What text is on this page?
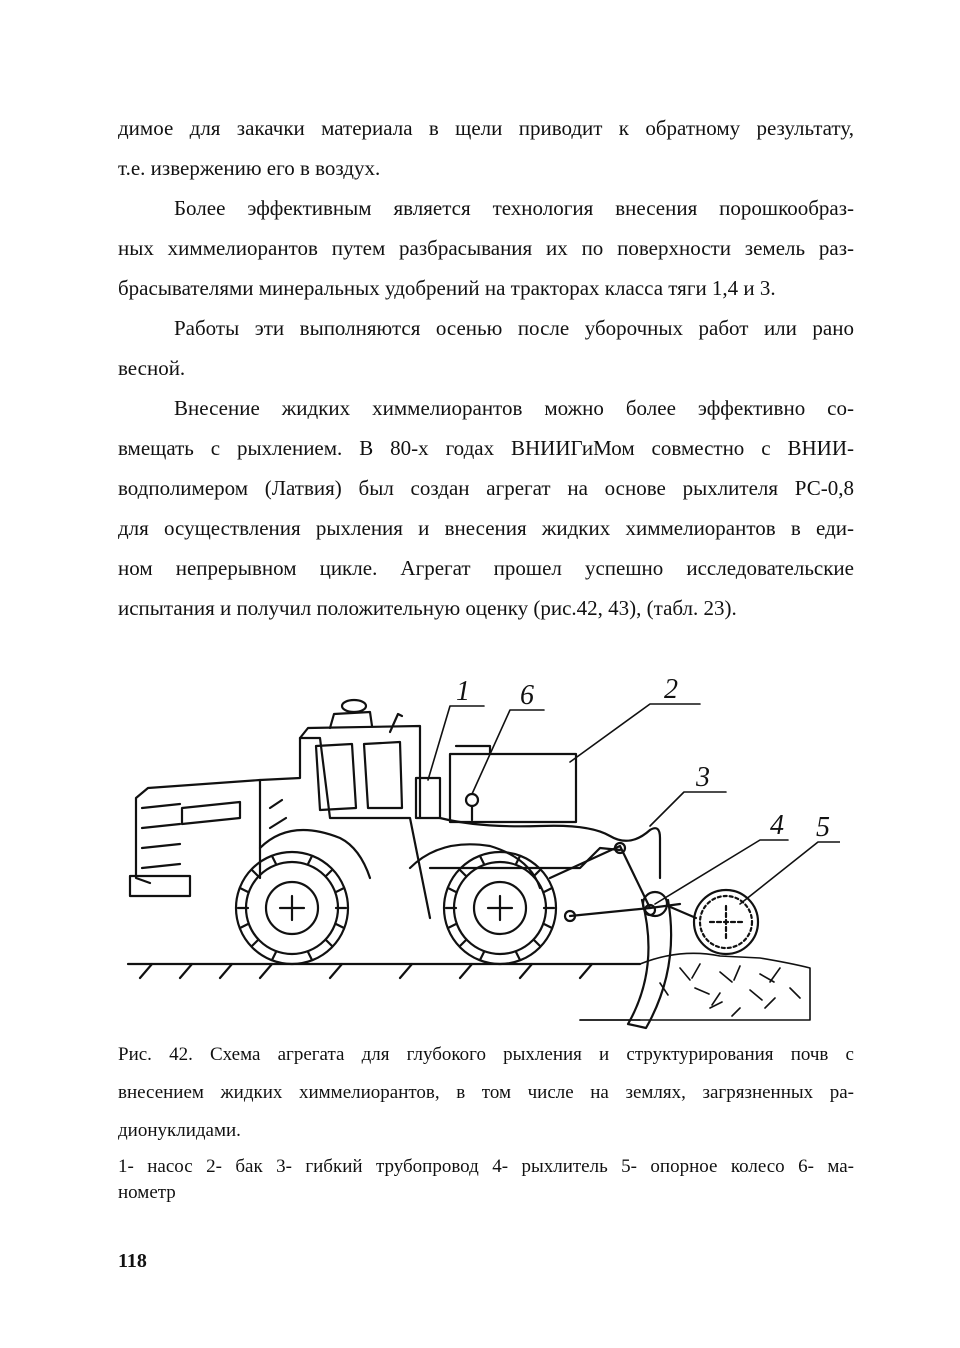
димое для закачки материала в щели приводит к обратному результату,
т.е. извержению его в воздух.
Более эффективным является технология внесения порошкообраз-
ных химмелиорантов путем разбрасывания их по поверхности земель раз-
брасывателями минеральных удобрений на тракторах класса тяги 1,4 и 3.
Работы эти выполняются осенью после уборочных работ или рано
весной.
Внесение жидких химмелиорантов можно более эффективно со-
вмещать с рыхлением. В 80-х годах ВНИИГиМом совместно с ВНИИ-
водполимером (Латвия) был создан агрегат на основе рыхлителя РС-0,8
для осуществления рыхления и внесения жидких химмелиорантов в еди-
ном непрерывном цикле. Агрегат прошел успешно исследовательские
испытания и получил положительную оценку (рис.42, 43), (табл. 23).
1 6	2
3
4 5
Рис. 42. Схема агрегата для глубокого рыхления и структурирования почв с
внесением жидких химмелиорантов, в том числе на землях, загрязненных ра-
дионуклидами.
1- насос 2- бак 3- гибкий трубопровод 4- рыхлитель 5- опорное колесо 6- ма-
нометр
118
